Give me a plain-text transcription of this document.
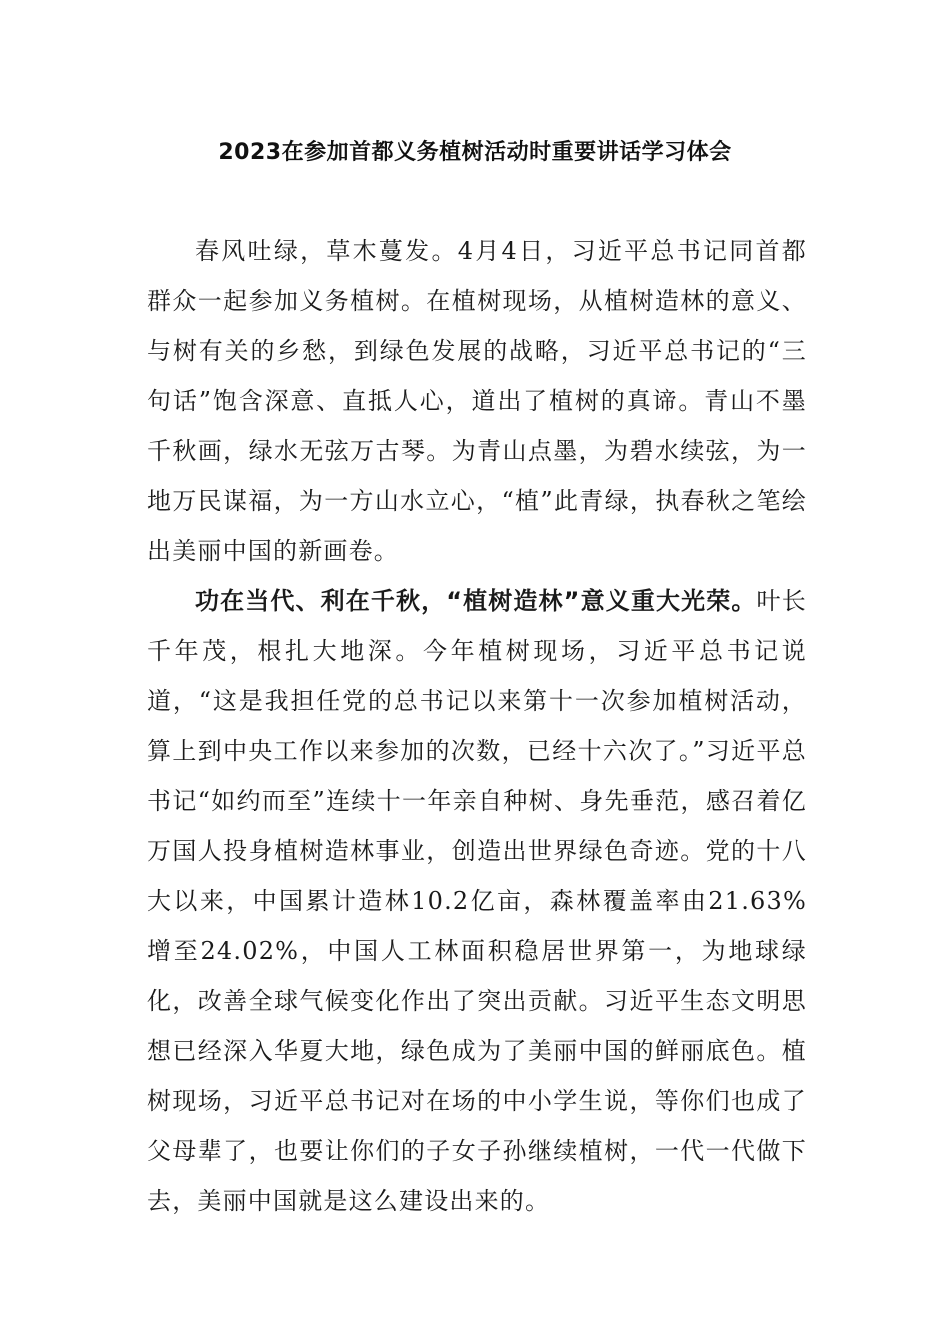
2023在参加首都义务植树活动时重要讲话学习体会

春风吐绿，草木蔓发。4月4日，习近平总书记同首都群众一起参加义务植树。在植树现场，从植树造林的意义、与树有关的乡愁，到绿色发展的战略，习近平总书记的“三句话”饱含深意、直抵人心，道出了植树的真谛。青山不墨千秋画，绿水无弦万古琴。为青山点墨，为碧水续弦，为一地万民谋福，为一方山水立心，“植”此青绿，执春秋之笔绘出美丽中国的新画卷。

功在当代、利在千秋，“植树造林”意义重大光荣。叶长千年茂，根扎大地深。今年植树现场，习近平总书记说道，“这是我担任党的总书记以来第十一次参加植树活动，算上到中央工作以来参加的次数，已经十六次了。”习近平总书记“如约而至”连续十一年亲自种树、身先垂范，感召着亿万国人投身植树造林事业，创造出世界绿色奇迹。党的十八大以来，中国累计造林10.2亿亩，森林覆盖率由21.63%增至24.02%，中国人工林面积稳居世界第一，为地球绿化，改善全球气候变化作出了突出贡献。习近平生态文明思想已经深入华夏大地，绿色成为了美丽中国的鲜丽底色。植树现场，习近平总书记对在场的中小学生说，等你们也成了父母辈了，也要让你们的子女子孙继续植树，一代一代做下去，美丽中国就是这么建设出来的。
